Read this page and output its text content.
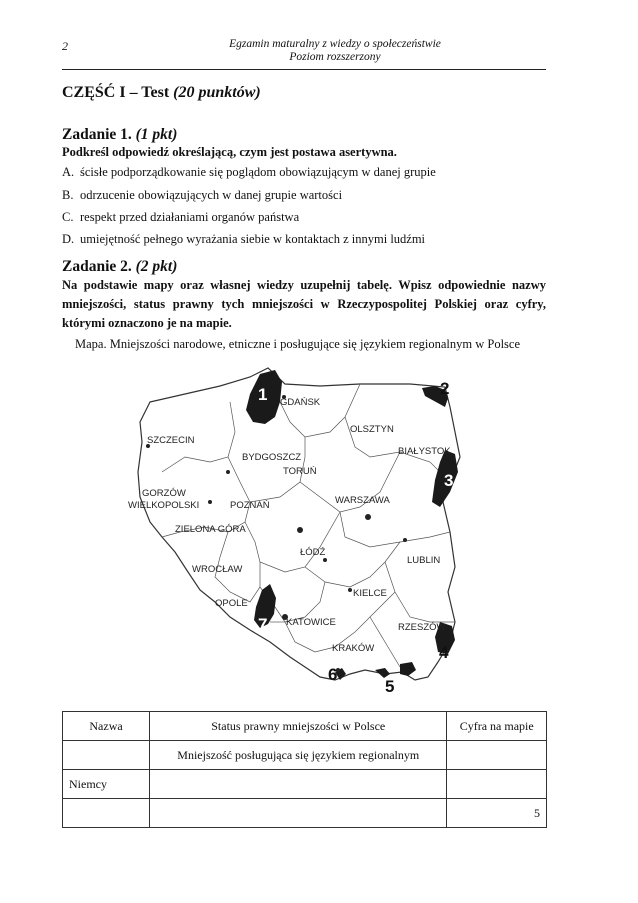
2	Egzamin maturalny z wiedzy o społeczeństwie
Poziom rozszerzony
CZĘŚĆ I – Test (20 punktów)
Zadanie 1. (1 pkt)
Podkreśl odpowiedź określającą, czym jest postawa asertywna.
A. ścisłe podporządkowanie się poglądom obowiązującym w danej grupie
B. odrzucenie obowiązujących w danej grupie wartości
C. respekt przed działaniami organów państwa
D. umiejętność pełnego wyrażania siebie w kontaktach z innymi ludźmi
Zadanie 2. (2 pkt)
Na podstawie mapy oraz własnej wiedzy uzupełnij tabelę. Wpisz odpowiednie nazwy mniejszości, status prawny tych mniejszości w Rzeczypospolitej Polskiej oraz cyfry, którymi oznaczono je na mapie.
Mapa. Mniejszości narodowe, etniczne i posługujące się językiem regionalnym w Polsce
GDAŃSK
OLSZTYN
SZCZECIN
BYDGOSZCZ
TORUŃ
BIAŁYSTOK
GORZÓW
WIELKOPOLSKI	POZNAŃ	WARSZAWA
ZIELONA GÓRA
ŁÓDŹ
LUBLIN
WROCŁAW
KIELCE
OPOLE
KATOWICE	RZESZÓW
KRAKÓW
1	2
3
4
5
6
7
Nazwa	Status prawny mniejszości w Polsce	Cyfra na mapie
	Mniejszość posługująca się językiem regionalnym	
Niemcy		
		5
